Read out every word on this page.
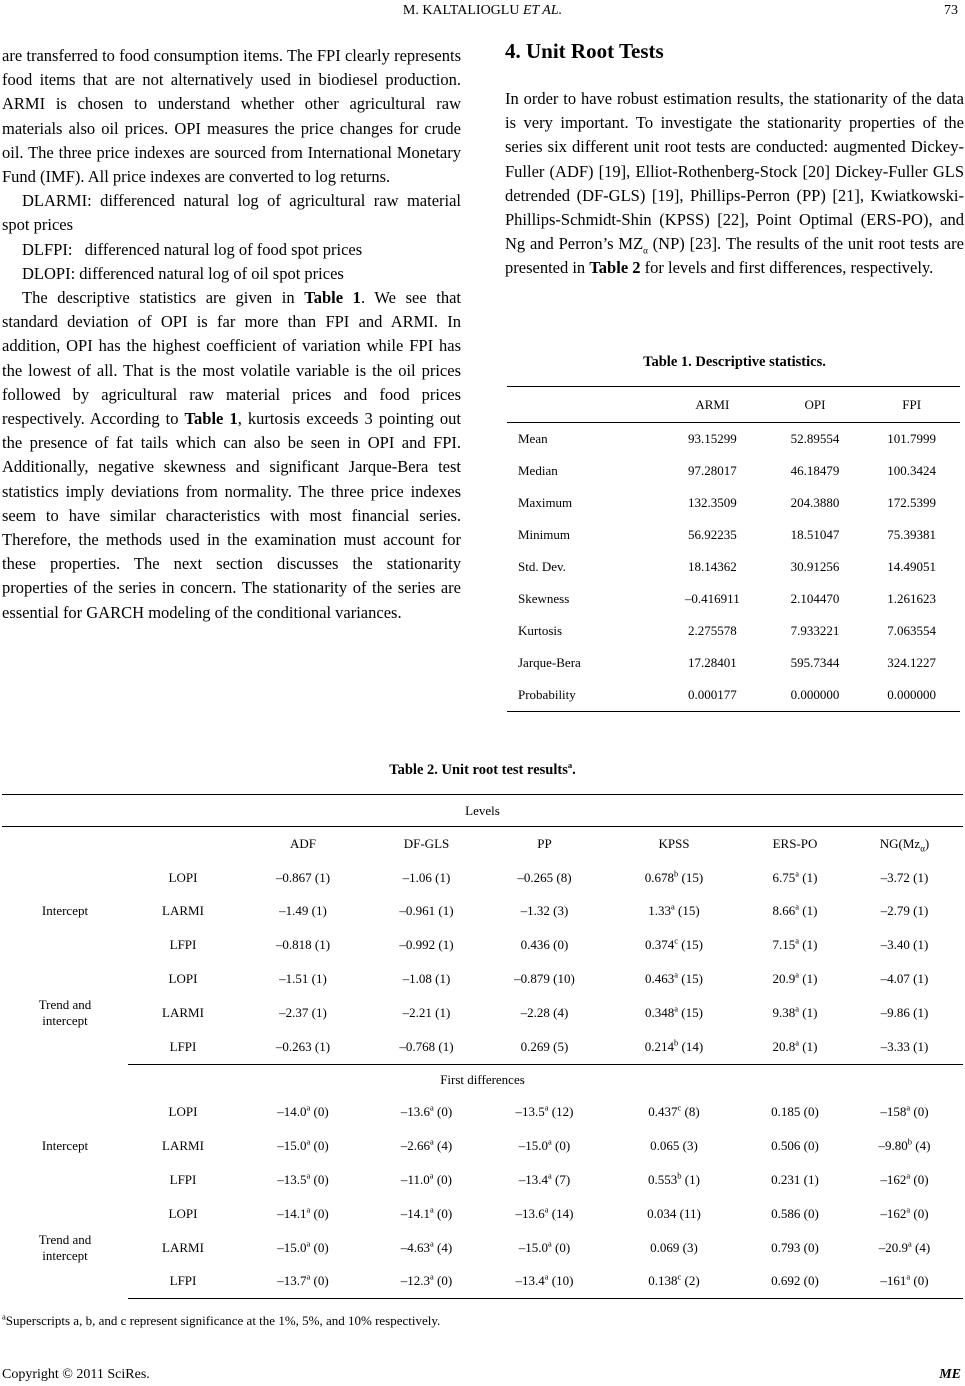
M. KALTALIOGLU ET AL.	73

are transferred to food consumption items. The FPI clearly represents food items that are not alternatively used in biodiesel production. ARMI is chosen to understand whether other agricultural raw materials also oil prices. OPI measures the price changes for crude oil. The three price indexes are sourced from International Monetary Fund (IMF). All price indexes are converted to log returns.

DLARMI: differenced natural log of agricultural raw material spot prices

DLFPI:   differenced natural log of food spot prices

DLOPI: differenced natural log of oil spot prices

The descriptive statistics are given in Table 1. We see that standard deviation of OPI is far more than FPI and ARMI. In addition, OPI has the highest coefficient of variation while FPI has the lowest of all. That is the most volatile variable is the oil prices followed by agricultural raw material prices and food prices respectively. According to Table 1, kurtosis exceeds 3 pointing out the presence of fat tails which can also be seen in OPI and FPI. Additionally, negative skewness and significant Jarque-Bera test statistics imply deviations from normality. The three price indexes seem to have similar characteristics with most financial series. Therefore, the methods used in the examination must account for these properties. The next section discusses the stationarity properties of the series in concern. The stationarity of the series are essential for GARCH modeling of the conditional variances.

4. Unit Root Tests

In order to have robust estimation results, the stationarity of the data is very important. To investigate the stationarity properties of the series six different unit root tests are conducted: augmented Dickey-Fuller (ADF) [19], Elliot-Rothenberg-Stock [20] Dickey-Fuller GLS detrended (DF-GLS) [19], Phillips-Perron (PP) [21], Kwiatkowski-Phillips-Schmidt-Shin (KPSS) [22], Point Optimal (ERS-PO), and Ng and Perron’s $MZ_\alpha$ (NP) [23]. The results of the unit root tests are presented in Table 2 for levels and first differences, respectively.

Table 1. Descriptive statistics.
	ARMI	OPI	FPI
Mean	93.15299	52.89554	101.7999
Median	97.28017	46.18479	100.3424
Maximum	132.3509	204.3880	172.5399
Minimum	56.92235	18.51047	75.39381
Std. Dev.	18.14362	30.91256	14.49051
Skewness	–0.416911	2.104470	1.261623
Kurtosis	2.275578	7.933221	7.063554
Jarque-Bera	17.28401	595.7344	324.1227
Probability	0.000177	0.000000	0.000000
Table 2. Unit root test results$^a$.
Levels							
		ADF	DF-GLS	PP	KPSS	ERS-PO	$NG(Mz_\alpha)$
Intercept	LOPI	–0.867 (1)	–1.06 (1)	–0.265 (8)	0.678$^b$ (15)	6.75$^a$ (1)	–3.72 (1)
	LARMI	–1.49 (1)	–0.961 (1)	–1.32 (3)	1.33$^a$ (15)	8.66$^a$ (1)	–2.79 (1)
	LFPI	–0.818 (1)	–0.992 (1)	0.436 (0)	0.374$^c$ (15)	7.15$^a$ (1)	–3.40 (1)

Trend and
intercept	LOPI	–1.51 (1)	–1.08 (1)	–0.879 (10)	0.463$^a$ (15)	20.9$^a$ (1)	–4.07 (1)
	LARMI	–2.37 (1)	–2.21 (1)	–2.28 (4)	0.348$^a$ (15)	9.38$^a$ (1)	–9.86 (1)
	LFPI	–0.263 (1)	–0.768 (1)	0.269 (5)	0.214$^b$ (14)	20.8$^a$ (1)	–3.33 (1)
First differences							
Intercept	LOPI	–14.0$^a$ (0)	–13.6$^a$ (0)	–13.5$^a$ (12)	0.437$^c$ (8)	0.185 (0)	–158$^a$ (0)
	LARMI	–15.0$^a$ (0)	–2.66$^a$ (4)	–15.0$^a$ (0)	0.065 (3)	0.506 (0)	–9.80$^b$ (4)
	LFPI	–13.5$^a$ (0)	–11.0$^a$ (0)	–13.4$^a$ (7)	0.553$^b$ (1)	0.231 (1)	–162$^a$ (0)

Trend and
intercept	LOPI	–14.1$^a$ (0)	–14.1$^a$ (0)	–13.6$^a$ (14)	0.034 (11)	0.586 (0)	–162$^a$ (0)
	LARMI	–15.0$^a$ (0)	–4.63$^a$ (4)	–15.0$^a$ (0)	0.069 (3)	0.793 (0)	–20.9$^a$ (4)
	LFPI	–13.7$^a$ (0)	–12.3$^a$ (0)	–13.4$^a$ (10)	0.138$^c$ (2)	0.692 (0)	–161$^a$ (0)
$^a$Superscripts a, b, and c represent significance at the 1%, 5%, and 10% respectively.
Copyright © 2011 SciRes.	ME
